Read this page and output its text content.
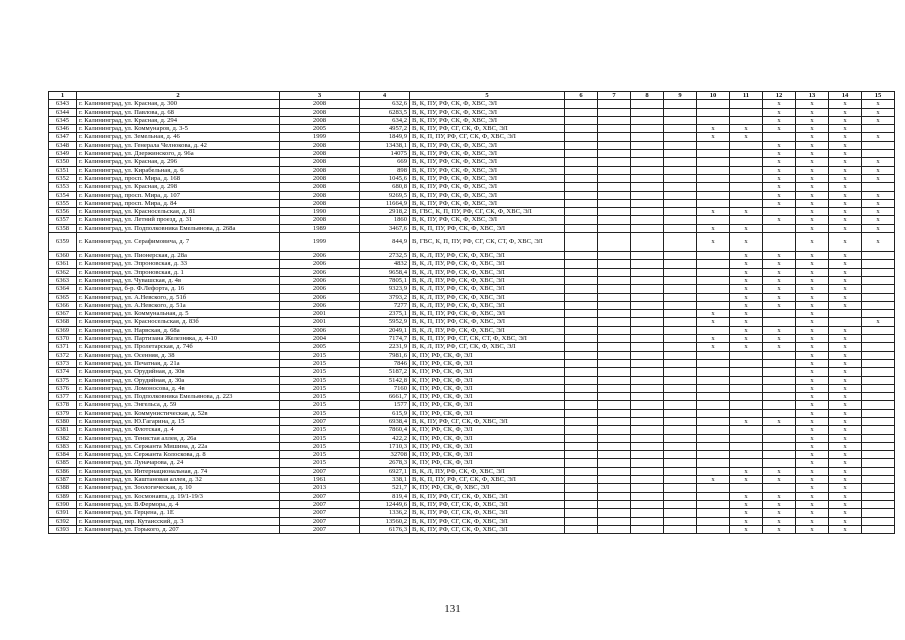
1	2	3	4	5	6	7	8	9	10	11	12	13	14	15
6343	г. Калининград, ул. Красная, д. 300	2008	632,6	В, К, ПУ, РФ, СК, Ф, ХВС, ЭЛ							x	x	x	x
6344	г. Калининград, ул. Павлова, д. 68	2008	6283,5	В, К, ПУ, РФ, СК, Ф, ХВС, ЭЛ							x	x	x	x
6345	г. Калининград, ул. Красная, д. 294	2008	634,2	В, К, ПУ, РФ, СК, Ф, ХВС, ЭЛ							x	x	x	x
6346	г. Калининград, ул. Коммунаров, д. 3-5	2005	4957,2	В, К, ПУ, РФ, СГ, СК, Ф, ХВС, ЭЛ					x	x	x	x	x	
6347	г. Калининград, ул. Земельная, д. 46	1999	1849,9	В, К, П, ПУ, РФ, СГ, СК, Ф, ХВС, ЭЛ					x	x		x	x	x
6348	г. Калининград, ул. Генерала Челнокова, д. 42	2008	13438,1	В, К, ПУ, РФ, СК, Ф, ХВС, ЭЛ							x	x	x	
6349	г. Калининград, ул. Дзержинского, д. 96а	2008	14075	В, К, ПУ, РФ, СК, Ф, ХВС, ЭЛ							x	x	x	
6350	г. Калининград, ул. Красная, д. 296	2008	669	В, К, ПУ, РФ, СК, Ф, ХВС, ЭЛ							x	x	x	x
6351	г. Калининград, ул. Кирабельная, д. 6	2008	898	В, К, ПУ, РФ, СК, Ф, ХВС, ЭЛ							x	x	x	x
6352	г. Калининград, просп. Мира, д. 168	2008	1045,6	В, К, ПУ, РФ, СК, Ф, ХВС, ЭЛ							x	x	x	x
6353	г. Калининград, ул. Красная, д. 298	2008	680,8	В, К, ПУ, РФ, СК, Ф, ХВС, ЭЛ							x	x	x	
6354	г. Калининград, просп. Мира, д. 107	2008	9269,5	В, К, ПУ, РФ, СК, Ф, ХВС, ЭЛ							x	x	x	x
6355	г. Калининград, просп. Мира, д. 84	2008	11664,9	В, К, ПУ, РФ, СК, Ф, ХВС, ЭЛ							x	x	x	x
6356	г. Калининград, ул. Красносельская, д. 81	1990	2918,2	В, ГВС, К, П, ПУ, РФ, СГ, СК, Ф, ХВС, ЭЛ					x	x		x	x	x
6357	г. Калининград, ул. Летний проезд, д. 31	2008	1860	В, К, ПУ, РФ, СК, Ф, ХВС, ЭЛ							x	x	x	x
6358	г. Калининград, ул. Подполковника Емельянова, д. 268а	1989	3467,6	В, К, П, ПУ, РФ, СК, Ф, ХВС, ЭЛ					x	x		x	x	x
6359	г. Калининград, ул. Серафимовича, д. 7	1999	844,9	В, ГВС, К, П, ПУ, РФ, СГ, СК, СТ, Ф, ХВС, ЭЛ					x	x		x	x	x
6360	г. Калининград, ул. Пионерская, д. 28а	2006	2732,5	В, К, Л, ПУ, РФ, СК, Ф, ХВС, ЭЛ						x	x	x	x	
6361	г. Калининград, ул. Эпроновская, д. 33	2006	4832	В, К, Л, ПУ, РФ, СК, Ф, ХВС, ЭЛ						x	x	x	x	
6362	г. Калининград, ул. Эпроновская, д. 1	2006	9658,4	В, К, Л, ПУ, РФ, СК, Ф, ХВС, ЭЛ						x	x	x	x	
6363	г. Калининград, ул. Чувашская, д. 4в	2006	7805,1	В, К, Л, ПУ, РФ, СК, Ф, ХВС, ЭЛ						x	x	x	x	
6364	г. Калининград, б-р. Ф.Лефорта, д. 16	2006	9323,9	В, К, Л, ПУ, РФ, СК, Ф, ХВС, ЭЛ						x	x	x	x	
6365	г. Калининград, ул. А.Невского, д. 51б	2006	3793,2	В, К, Л, ПУ, РФ, СК, Ф, ХВС, ЭЛ						x	x	x	x	
6366	г. Калининград, ул. А.Невского, д. 51а	2006	7277	В, К, Л, ПУ, РФ, СК, Ф, ХВС, ЭЛ						x	x	x	x	
6367	г. Калининград, ул. Коммунальная, д. 5	2001	2375,1	В, К, П, ПУ, РФ, СК, Ф, ХВС, ЭЛ					x	x		x		
6368	г. Калининград, ул. Красносельская, д. 83б	2001	5952,9	В, К, П, ПУ, РФ, СК, Ф, ХВС, ЭЛ					x	x		x		x
6369	г. Калининград, ул. Нарвская, д. 68а	2006	2049,1	В, К, Л, ПУ, РФ, СК, Ф, ХВС, ЭЛ						x	x	x	x	
6370	г. Калининград, ул. Партизана Железняка, д. 4-10	2004	7174,7	В, К, П, ПУ, РФ, СГ, СК, СТ, Ф, ХВС, ЭЛ					x	x	x	x	x	
6371	г. Калининград, ул. Пролетарская, д. 74б	2005	2231,9	В, К, Л, ПУ, РФ, СГ, СК, Ф, ХВС, ЭЛ					x	x	x	x	x	
6372	г. Калининград, ул. Осенняя, д. 38	2015	7981,6	К, ПУ, РФ, СК, Ф, ЭЛ								x	x	
6373	г. Калининград, ул. Печатная, д. 21а	2015	7846	К, ПУ, РФ, СК, Ф, ЭЛ								x	x	
6374	г. Калининград, ул. Орудийная, д. 30в	2015	5187,2	К, ПУ, РФ, СК, Ф, ЭЛ								x	x	
6375	г. Калининград, ул. Орудийная, д. 30а	2015	5142,8	К, ПУ, РФ, СК, Ф, ЭЛ								x	x	
6376	г. Калининград, ул. Ломоносова, д. 4в	2015	7160	К, ПУ, РФ, СК, Ф, ЭЛ								x	x	
6377	г. Калининград, ул. Подполковника Емельянова, д. 223	2015	6661,7	К, ПУ, РФ, СК, Ф, ЭЛ								x	x	
6378	г. Калининград, ул. Энгельса, д. 59	2015	1577	К, ПУ, РФ, СК, Ф, ЭЛ								x	x	
6379	г. Калининград, ул. Коммунистическая, д. 52в	2015	615,9	К, ПУ, РФ, СК, Ф, ЭЛ								x	x	
6380	г. Калининград, ул. Ю.Гагарина, д. 15	2007	6938,4	В, К, ПУ, РФ, СГ, СК, Ф, ХВС, ЭЛ						x	x	x	x	
6381	г. Калининград, ул. Флотская, д. 4	2015	7860,4	К, ПУ, РФ, СК, Ф, ЭЛ								x	x	
6382	г. Калининград, ул. Тенистая аллея, д. 26а	2015	422,2	К, ПУ, РФ, СК, Ф, ЭЛ								x	x	
6383	г. Калининград, ул. Сержанта Мишина, д. 22а	2015	1710,3	К, ПУ, РФ, СК, Ф, ЭЛ								x	x	
6384	г. Калининград, ул. Сержанта Колоскова, д. 8	2015	32708	К, ПУ, РФ, СК, Ф, ЭЛ								x	x	
6385	г. Калининград, ул. Луначарова, д. 24	2015	2678,3	К, ПУ, РФ, СК, Ф, ЭЛ								x	x	
6386	г. Калининград, ул. Интернациональная, д. 74	2007	6927,1	В, К, Л, ПУ, РФ, СК, Ф, ХВС, ЭЛ						x	x	x	x	
6387	г. Калининград, ул. Каштановая аллея, д. 32	1961	338,1	В, К, П, ПУ, РФ, СГ, СК, Ф, ХВС, ЭЛ					x	x	x	x	x	
6388	г. Калининград, ул. Зоологическая, д. 10	2013	521,7	К, ПУ, РФ, СК, Ф, ХВС, ЭЛ								x	x	
6389	г. Калининград, ул. Космонавта, д. 19/1-19/3	2007	819,4	В, К, ПУ, РФ, СГ, СК, Ф, ХВС, ЭЛ						x	x	x	x	
6390	г. Калининград, ул. В.Фермора, д. 4	2007	12449,6	В, К, ПУ, РФ, СГ, СК, Ф, ХВС, ЭЛ						x	x	x	x	
6391	г. Калининград, ул. Герцена, д. 1Е	2007	1336,2	В, К, ПУ, РФ, СГ, СК, Ф, ХВС, ЭЛ						x	x	x	x	
6392	г. Калининград, пер. Кутаисский, д. 3	2007	13560,2	В, К, ПУ, РФ, СГ, СК, Ф, ХВС, ЭЛ						x	x	x	x	
6393	г. Калининград, ул. Горького, д. 207	2007	6176,3	В, К, ПУ, РФ, СГ, СК, Ф, ХВС, ЭЛ						x	x	x	x	
131
